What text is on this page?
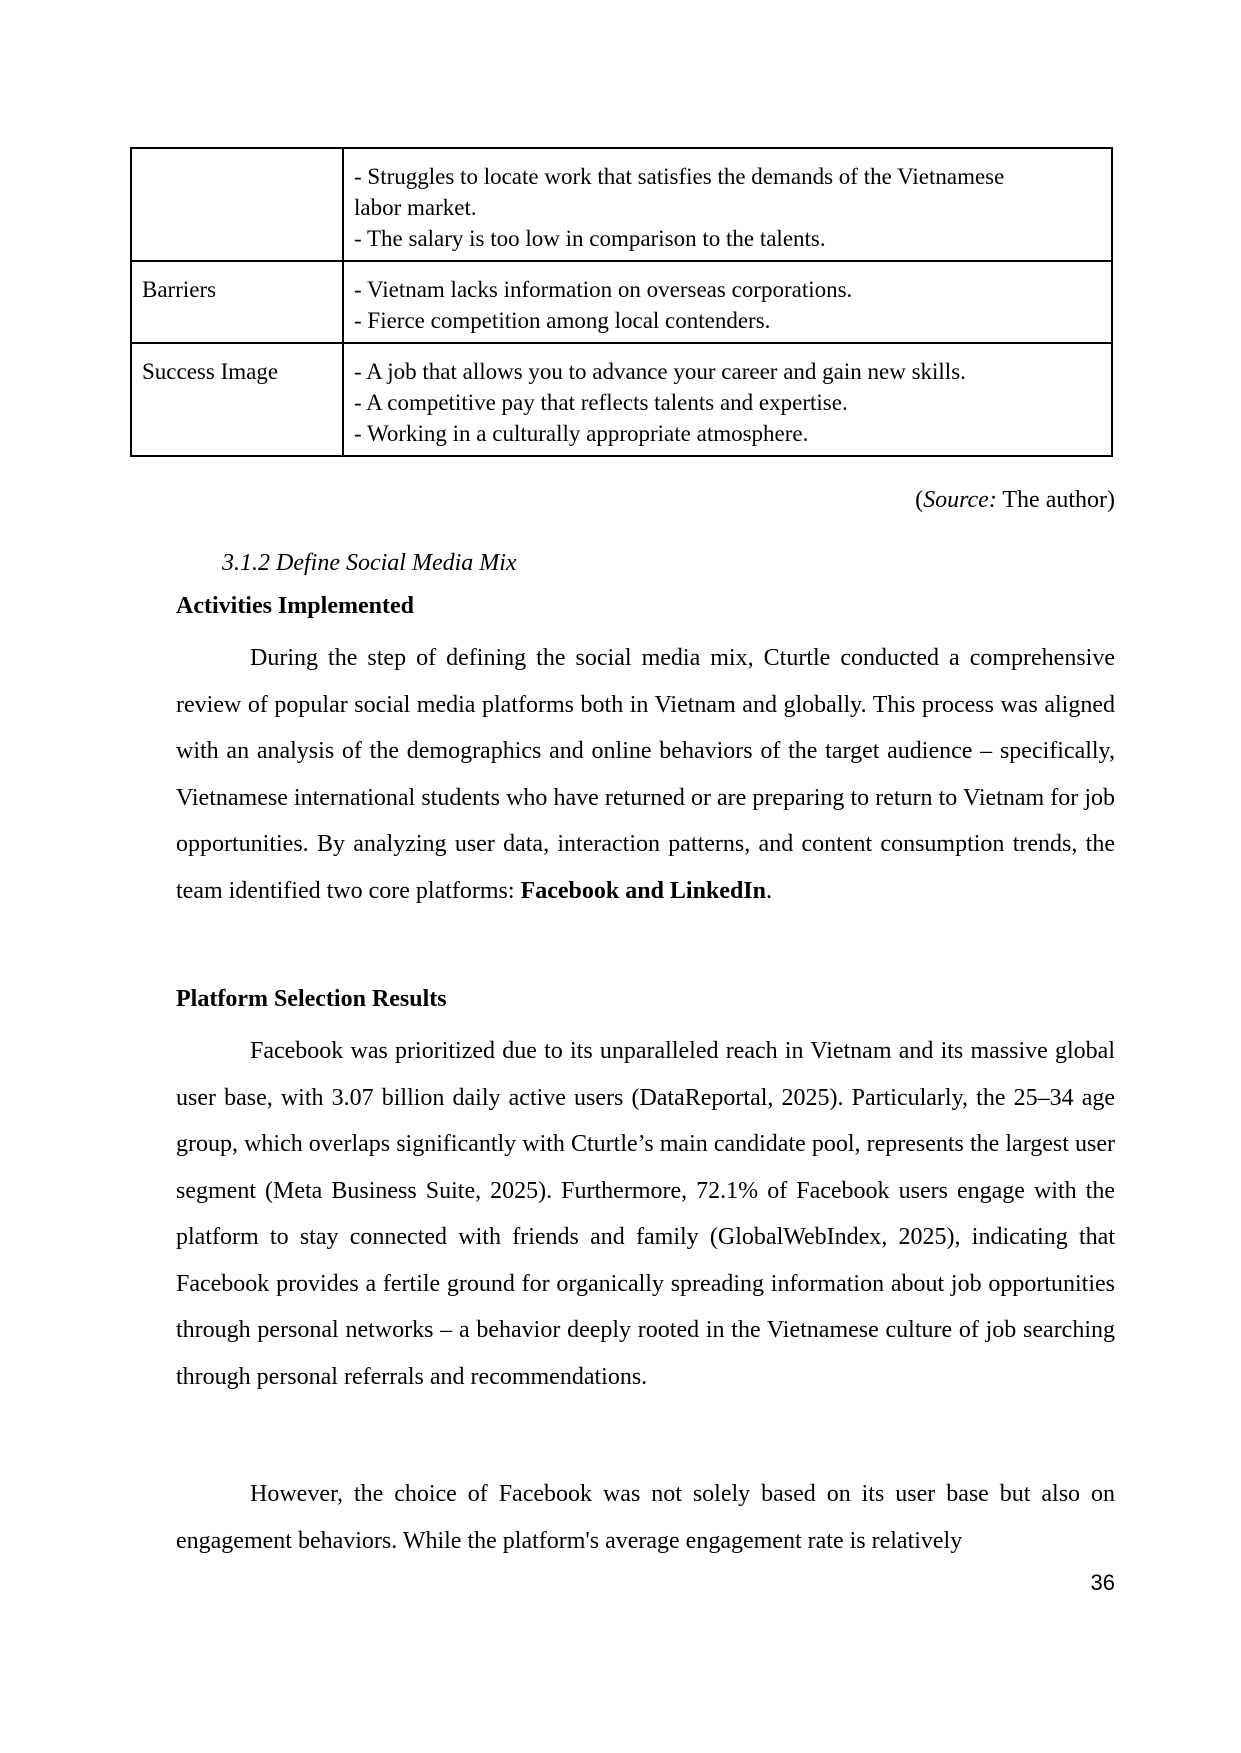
	- Struggles to locate work that satisfies the demands of the Vietnamese
labor market.
- The salary is too low in comparison to the talents.

Barriers	- Vietnam lacks information on overseas corporations.
- Fierce competition among local contenders.

Success Image	- A job that allows you to advance your career and gain new skills.
- A competitive pay that reflects talents and expertise.
- Working in a culturally appropriate atmosphere.
(Source: The author)
3.1.2 Define Social Media Mix
Activities Implemented

During the step of defining the social media mix, Cturtle conducted a comprehensive review of popular social media platforms both in Vietnam and globally. This process was aligned with an analysis of the demographics and online behaviors of the target audience – specifically, Vietnamese international students who have returned or are preparing to return to Vietnam for job opportunities. By analyzing user data, interaction patterns, and content consumption trends, the team identified two core platforms: Facebook and LinkedIn.

Platform Selection Results

Facebook was prioritized due to its unparalleled reach in Vietnam and its massive global user base, with 3.07 billion daily active users (DataReportal, 2025). Particularly, the 25–34 age group, which overlaps significantly with Cturtle’s main candidate pool, represents the largest user segment (Meta Business Suite, 2025). Furthermore, 72.1% of Facebook users engage with the platform to stay connected with friends and family (GlobalWebIndex, 2025), indicating that Facebook provides a fertile ground for organically spreading information about job opportunities through personal networks – a behavior deeply rooted in the Vietnamese culture of job searching through personal referrals and recommendations.

However, the choice of Facebook was not solely based on its user base but also on engagement behaviors. While the platform's average engagement rate is relatively

36
